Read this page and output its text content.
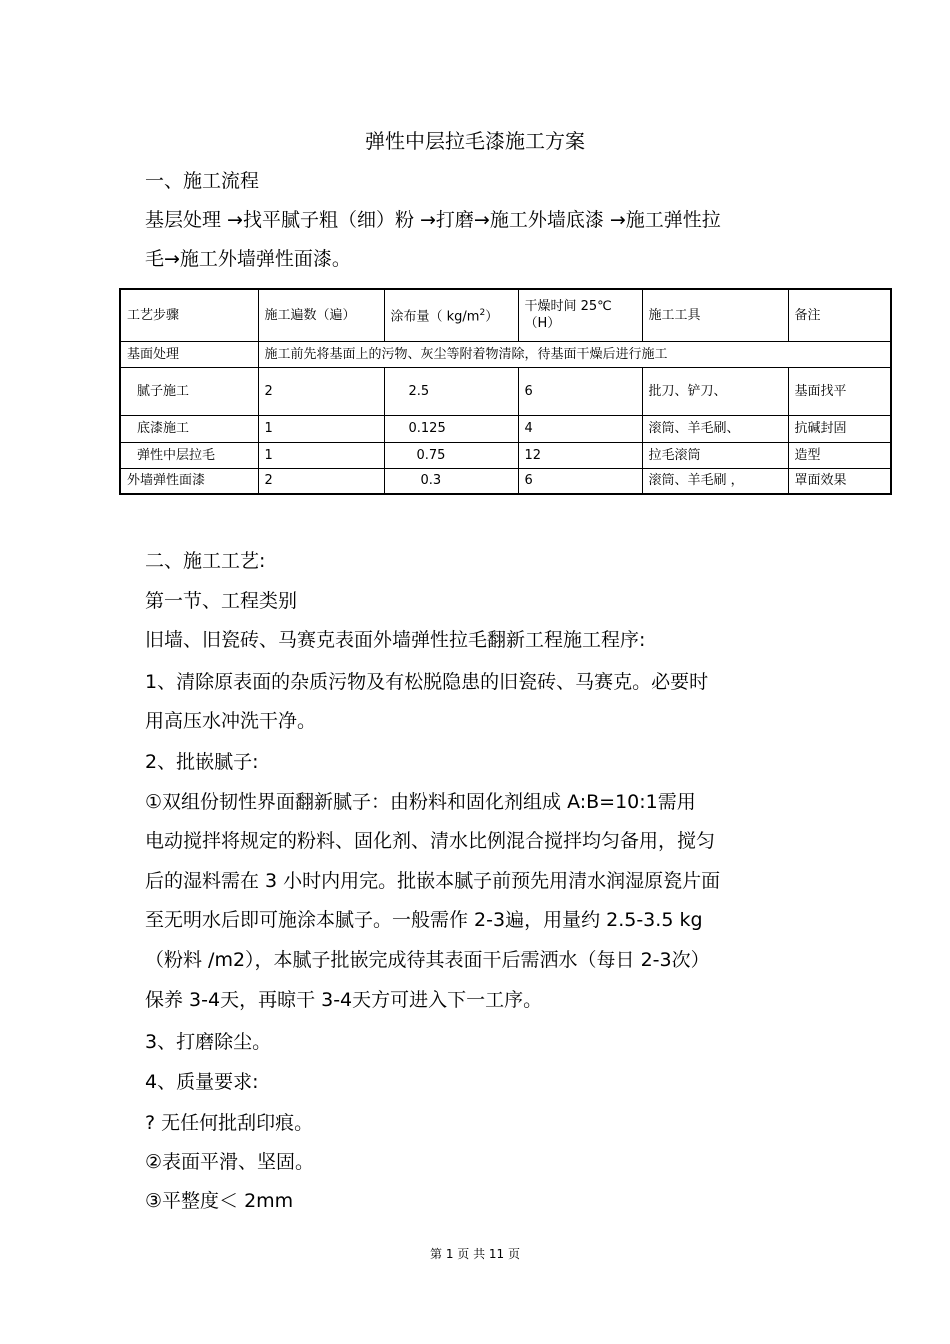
弹性中层拉毛漆施工方案
一、施工流程
基层处理 →找平腻子粗（细）粉 →打磨→施工外墙底漆 →施工弹性拉
毛→施工外墙弹性面漆。
工艺步骤	施工遍数（遍）	涂布量（ $kg/m^2$）	干燥时间 25℃
（H）	施工工具	备注
基面处理	施工前先将基面上的污物、灰尘等附着物清除，待基面干燥后进行施工				
腻子施工	2	2.5	6	批刀、铲刀、	基面找平
底漆施工	1	0.125	4	滚筒、羊毛刷、	抗碱封固
弹性中层拉毛	1	0.75	12	拉毛滚筒	造型
外墙弹性面漆	2	0.3	6	滚筒、羊毛刷 ，	罩面效果
二、施工工艺:
第一节、工程类别
旧墙、旧瓷砖、马赛克表面外墙弹性拉毛翻新工程施工程序:
1、清除原表面的杂质污物及有松脱隐患的旧瓷砖、马赛克。必要时
用高压水冲洗干净。
2、批嵌腻子:
①双组份韧性界面翻新腻子：由粉料和固化剂组成 A:B=10:1需用
电动搅拌将规定的粉料、固化剂、清水比例混合搅拌均匀备用，搅匀
后的湿料需在 3 小时内用完。批嵌本腻子前预先用清水润湿原瓷片面
至无明水后即可施涂本腻子。一般需作 2-3遍，用量约 2.5-3.5 kg
（粉料 /m2），本腻子批嵌完成待其表面干后需洒水（每日 2-3次）
保养 3-4天，再晾干 3-4天方可进入下一工序。
3、打磨除尘。
4、质量要求:
? 无任何批刮印痕。
②表面平滑、坚固。
③平整度＜ 2mm
第 1 页 共 11 页
